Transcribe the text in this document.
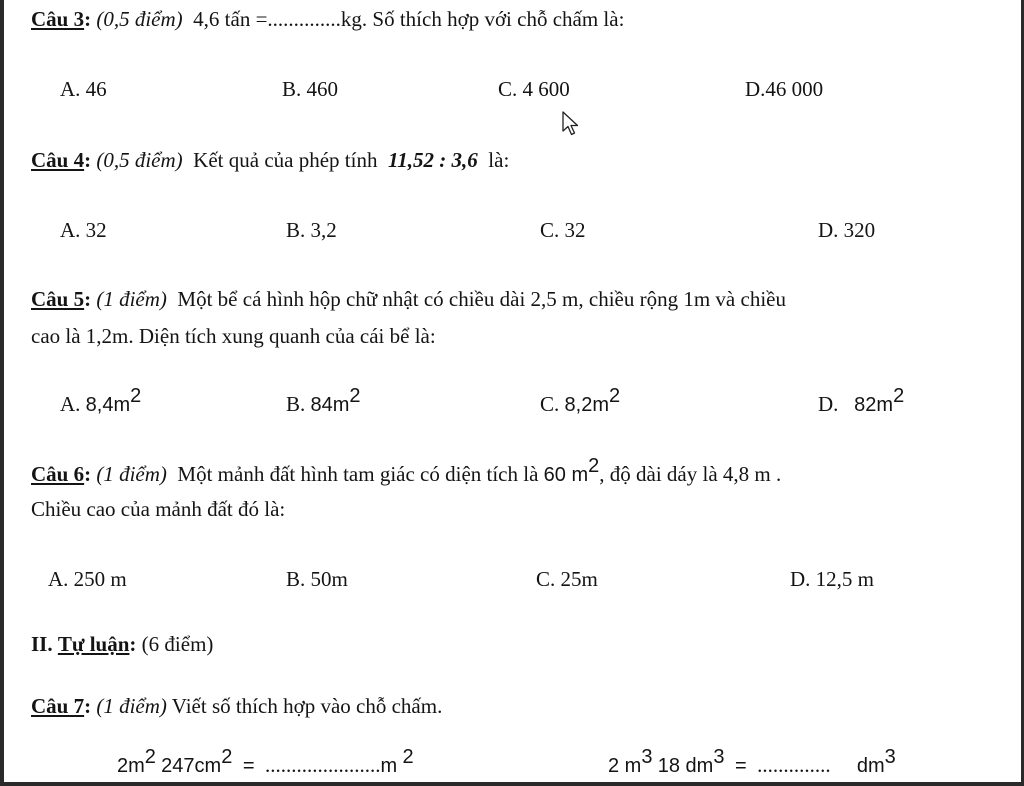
Câu 3: (0,5 điểm) 4,6 tấn =..............kg. Số thích hợp với chỗ chấm là:
A. 46	B. 460	C. 4 600	D.46 000
Câu 4: (0,5 điểm) Kết quả của phép tính 11,52 : 3,6 là:
A. 32	B. 3,2	C. 32	D. 320
Câu 5: (1 điểm) Một bể cá hình hộp chữ nhật có chiều dài 2,5 m, chiều rộng 1m và chiều
cao là 1,2m. Diện tích xung quanh của cái bể là:
A. $8,4m^2$	B. $84m^2$	C. $8,2m^2$	D. $82m^2$
Câu 6: (1 điểm) Một mảnh đất hình tam giác có diện tích là 60 $m^2$, độ dài dáy là 4,8 m .
Chiều cao của mảnh đất đó là:
A. 250 m	B. 50m	C. 25m	D. 12,5 m
II. Tự luận: (6 điểm)
Câu 7: (1 điểm) Viết số thích hợp vào chỗ chấm.
$2m^2$ $247cm^2 = ......................m$ $^2$	2 $m^3$ 18 $dm^3$ = .............. $dm^3$
